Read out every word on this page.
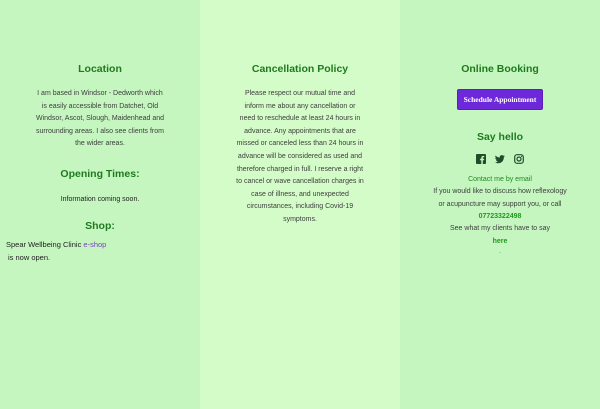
Location

I am based in Windsor - Dedworth which is easily accessible from Datchet, Old Windsor, Ascot, Slough, Maidenhead and surrounding areas. I also see clients from the wider areas.

Opening Times:

Information coming soon.

Shop:

Spear Wellbeing Clinic e-shop
is now open.

Cancellation Policy

Please respect our mutual time and inform me about any cancellation or need to reschedule at least 24 hours in advance. Any appointments that are missed or canceled less than 24 hours in advance will be considered as used and therefore charged in full. I reserve a right to cancel or wave cancellation charges in case of illness, and unexpected circumstances, including Covid-19 symptoms.

Online Booking
Schedule Appointment
Say hello
Contact me by email

If you would like to discuss how reflexology or acupuncture may support you, or call

07723322498

See what my clients have to say

here
.
